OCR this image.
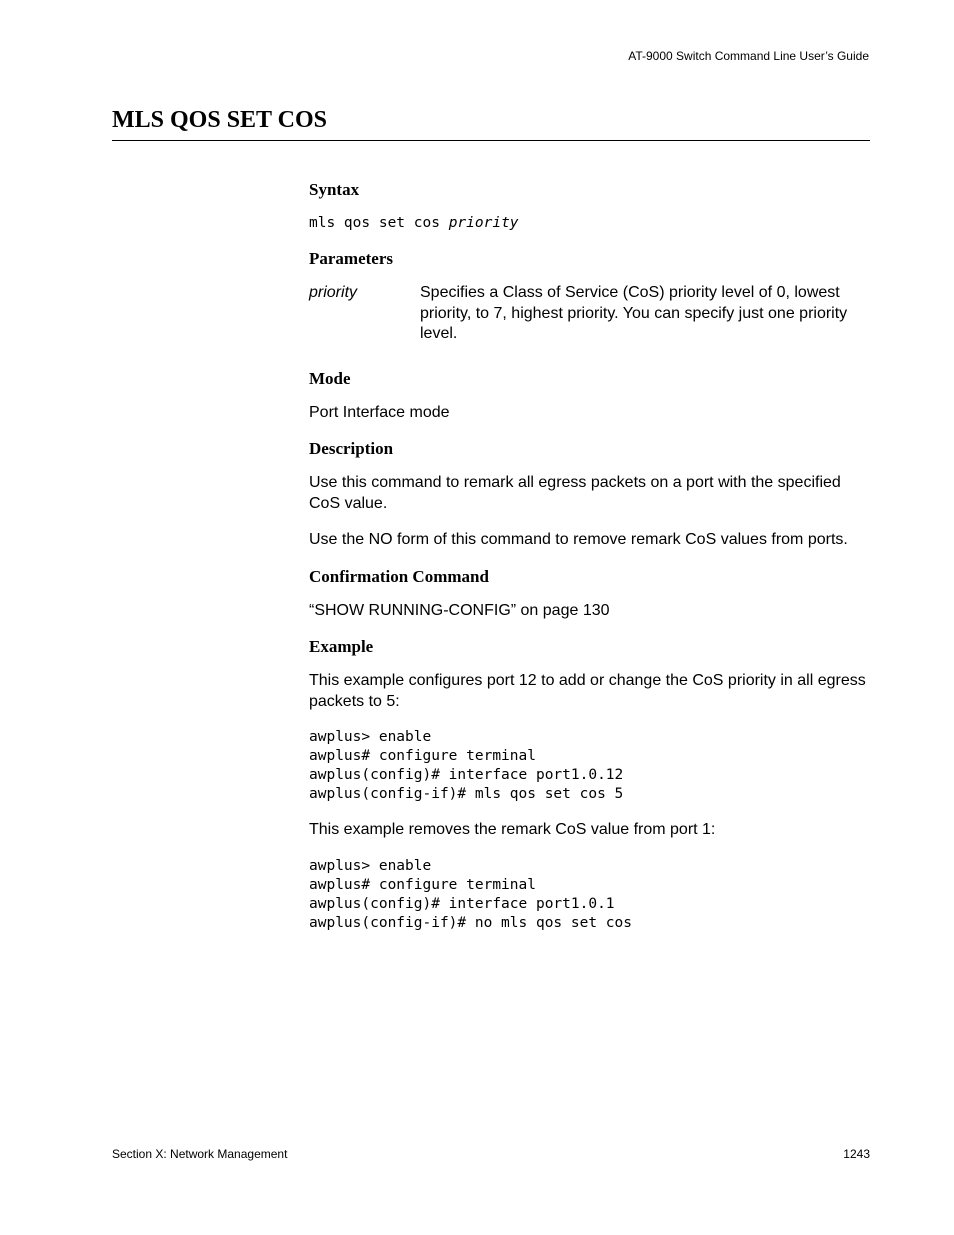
AT-9000 Switch Command Line User’s Guide
MLS QOS SET COS
Syntax
mls qos set cos priority
Parameters
priority	Specifies a Class of Service (CoS) priority level of 0, lowest priority, to 7, highest priority. You can specify just one priority level.
Mode

Port Interface mode

Description

Use this command to remark all egress packets on a port with the specified CoS value.

Use the NO form of this command to remove remark CoS values from ports.

Confirmation Command

“SHOW RUNNING-CONFIG” on page 130

Example

This example configures port 12 to add or change the CoS priority in all egress packets to 5:

awplus> enable
awplus# configure terminal
awplus(config)# interface port1.0.12
awplus(config-if)# mls qos set cos 5

This example removes the remark CoS value from port 1:

awplus> enable
awplus# configure terminal
awplus(config)# interface port1.0.1
awplus(config-if)# no mls qos set cos
Section X: Network Management	1243
